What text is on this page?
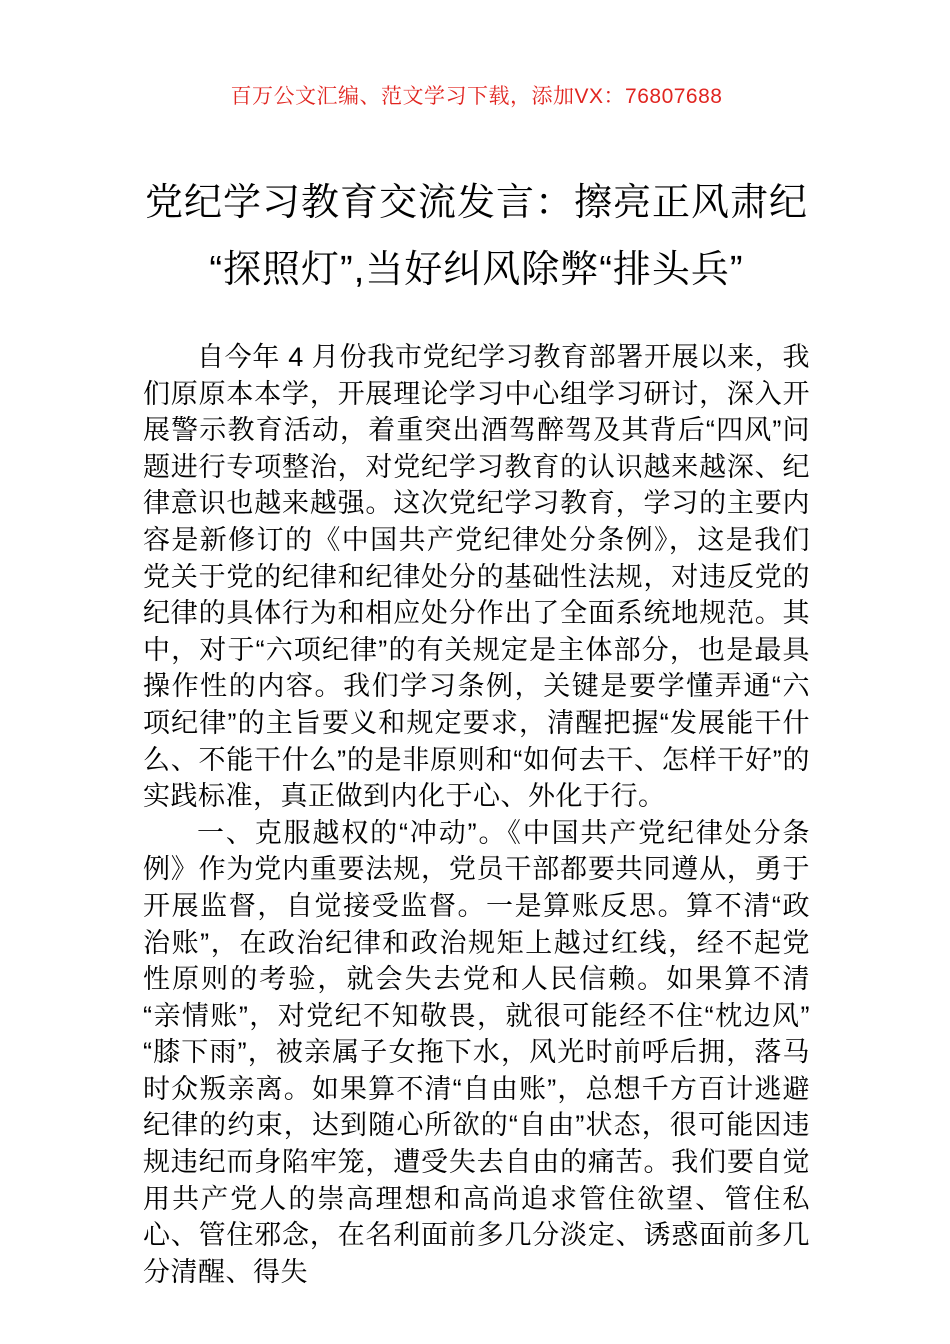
百万公文汇编、范文学习下载，添加VX：76807688
党纪学习教育交流发言：擦亮正风肃纪
“探照灯”,当好纠风除弊“排头兵”

自今年 4 月份我市党纪学习教育部署开展以来，我们原原本本学，开展理论学习中心组学习研讨，深入开展警示教育活动，着重突出酒驾醉驾及其背后“四风”问题进行专项整治，对党纪学习教育的认识越来越深、纪律意识也越来越强。这次党纪学习教育，学习的主要内容是新修订的《中国共产党纪律处分条例》，这是我们党关于党的纪律和纪律处分的基础性法规，对违反党的纪律的具体行为和相应处分作出了全面系统地规范。其中，对于“六项纪律”的有关规定是主体部分，也是最具操作性的内容。我们学习条例，关键是要学懂弄通“六项纪律”的主旨要义和规定要求，清醒把握“发展能干什么、不能干什么”的是非原则和“如何去干、怎样干好”的实践标准，真正做到内化于心、外化于行。

一、克服越权的“冲动”。《中国共产党纪律处分条例》作为党内重要法规，党员干部都要共同遵从，勇于开展监督，自觉接受监督。一是算账反思。算不清“政治账”，在政治纪律和政治规矩上越过红线，经不起党性原则的考验，就会失去党和人民信赖。如果算不清“亲情账”，对党纪不知敬畏，就很可能经不住“枕边风”“膝下雨”，被亲属子女拖下水，风光时前呼后拥，落马时众叛亲离。如果算不清“自由账”，总想千方百计逃避纪律的约束，达到随心所欲的“自由”状态，很可能因违规违纪而身陷牢笼，遭受失去自由的痛苦。我们要自觉用共产党人的崇高理想和高尚追求管住欲望、管住私心、管住邪念，在名利面前多几分淡定、诱惑面前多几分清醒、得失
